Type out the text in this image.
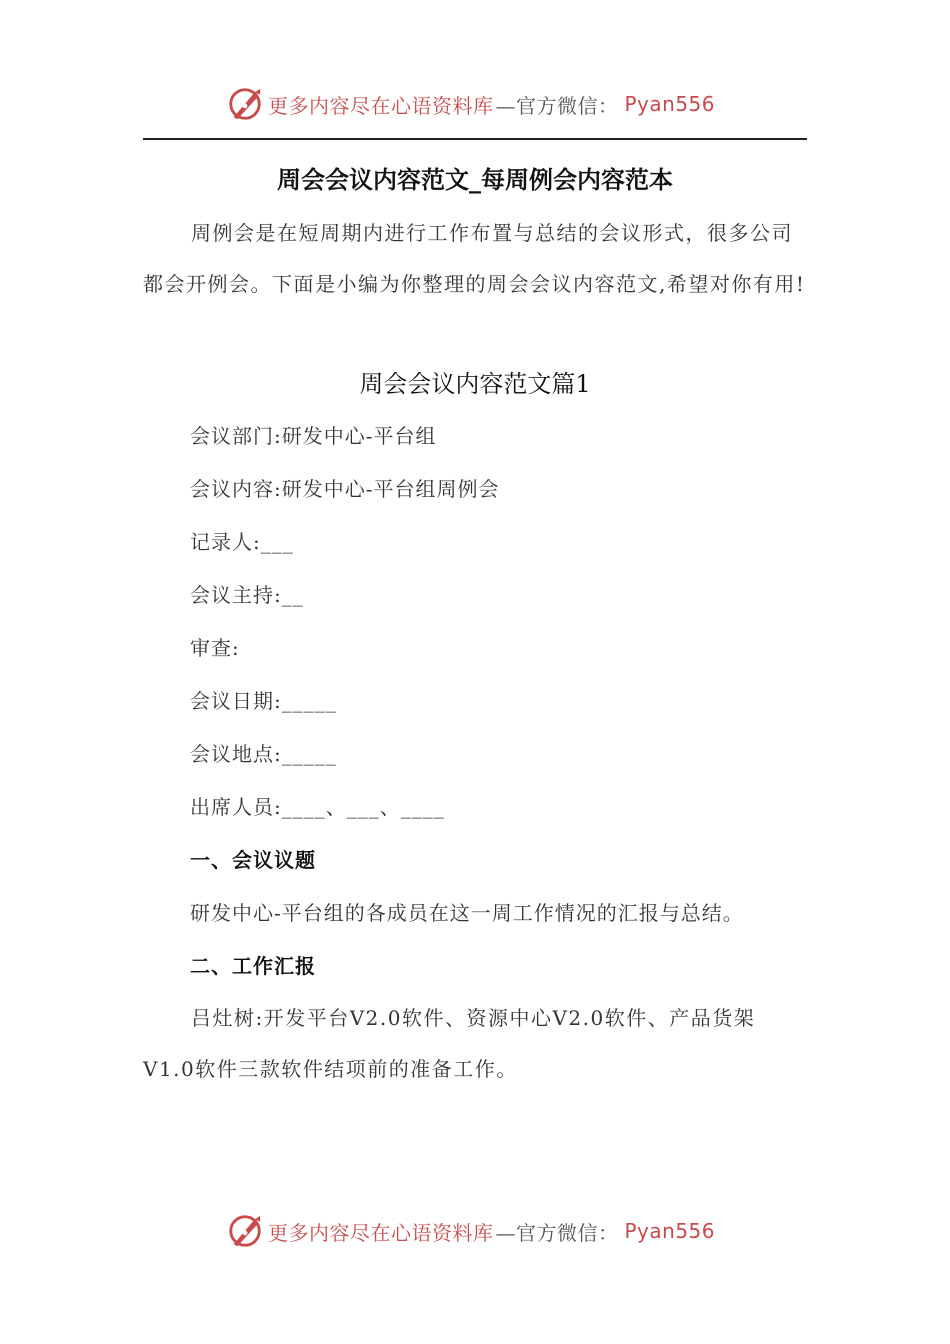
更多内容尽在心语资料库 —官方微信： Pyan556
周会会议内容范文_每周例会内容范本
周例会是在短周期内进行工作布置与总结的会议形式，很多公司都会开例会。下面是小编为你整理的周会会议内容范文,希望对你有用!
周会会议内容范文篇1
会议部门:研发中心-平台组
会议内容:研发中心-平台组周例会
记录人:___
会议主持:__
审查:
会议日期:_____
会议地点:_____
出席人员:____、___、____
一、会议议题
研发中心-平台组的各成员在这一周工作情况的汇报与总结。
二、工作汇报
吕灶树:开发平台V2.0软件、资源中心V2.0软件、产品货架V1.0软件三款软件结项前的准备工作。
更多内容尽在心语资料库 —官方微信： Pyan556
